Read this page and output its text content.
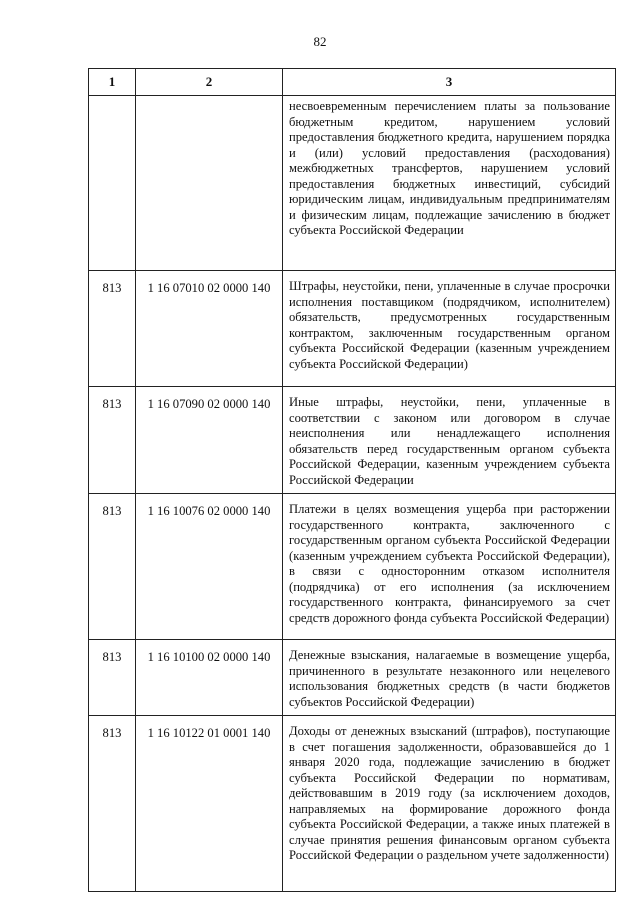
82
1	2	3
		несвоевременным перечислением платы за пользование бюджетным кредитом, нарушением условий предоставления бюджетного кредита, нарушением порядка и (или) условий предоставления (расходования) межбюджетных трансфертов, нарушением условий предоставления бюджетных инвестиций, субсидий юридическим лицам, индивидуальным предпринимателям и физическим лицам, подлежащие зачислению в бюджет субъекта Российской Федерации
813	1 16 07010 02 0000 140	Штрафы, неустойки, пени, уплаченные в случае просрочки исполнения поставщиком (подрядчиком, исполнителем) обязательств, предусмотренных государственным контрактом, заключенным государственным органом субъекта Российской Федерации (казенным учреждением субъекта Российской Федерации)
813	1 16 07090 02 0000 140	Иные штрафы, неустойки, пени, уплаченные в соответствии с законом или договором в случае неисполнения или ненадлежащего исполнения обязательств перед государственным органом субъекта Российской Федерации, казенным учреждением субъекта Российской Федерации
813	1 16 10076 02 0000 140	Платежи в целях возмещения ущерба при расторжении государственного контракта, заключенного с государственным органом субъекта Российской Федерации (казенным учреждением субъекта Российской Федерации), в связи с односторонним отказом исполнителя (подрядчика) от его исполнения (за исключением государственного контракта, финансируемого за счет средств дорожного фонда субъекта Российской Федерации)
813	1 16 10100 02 0000 140	Денежные взыскания, налагаемые в возмещение ущерба, причиненного в результате незаконного или нецелевого использования бюджетных средств (в части бюджетов субъектов Российской Федерации)
813	1 16 10122 01 0001 140	Доходы от денежных взысканий (штрафов), поступающие в счет погашения задолженности, образовавшейся до 1 января 2020 года, подлежащие зачислению в бюджет субъекта Российской Федерации по нормативам, действовавшим в 2019 году (за исключением доходов, направляемых на формирование дорожного фонда субъекта Российской Федерации, а также иных платежей в случае принятия решения финансовым органом субъекта Российской Федерации о раздельном учете задолженности)
